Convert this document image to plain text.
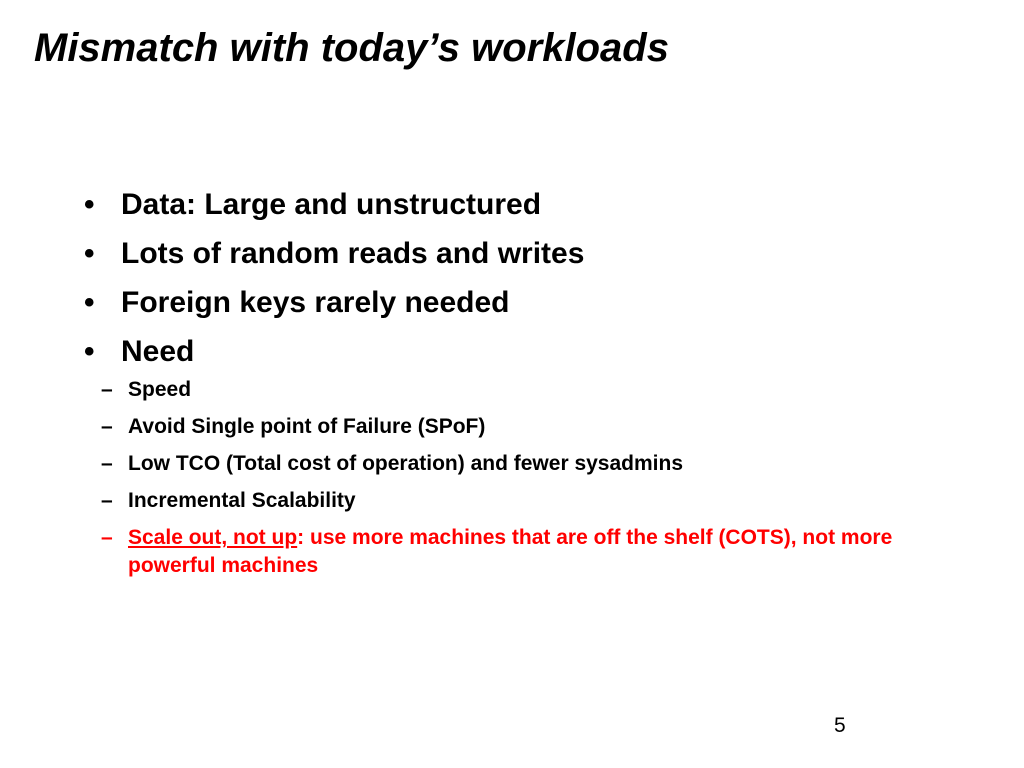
Mismatch with today’s workloads
• Data: Large and unstructured
• Lots of random reads and writes
• Foreign keys rarely needed
• Need
– Speed
– Avoid Single point of Failure (SPoF)
– Low TCO (Total cost of operation) and fewer sysadmins
– Incremental Scalability
– Scale out, not up: use more machines that are off the shelf (COTS), not more powerful machines
5
